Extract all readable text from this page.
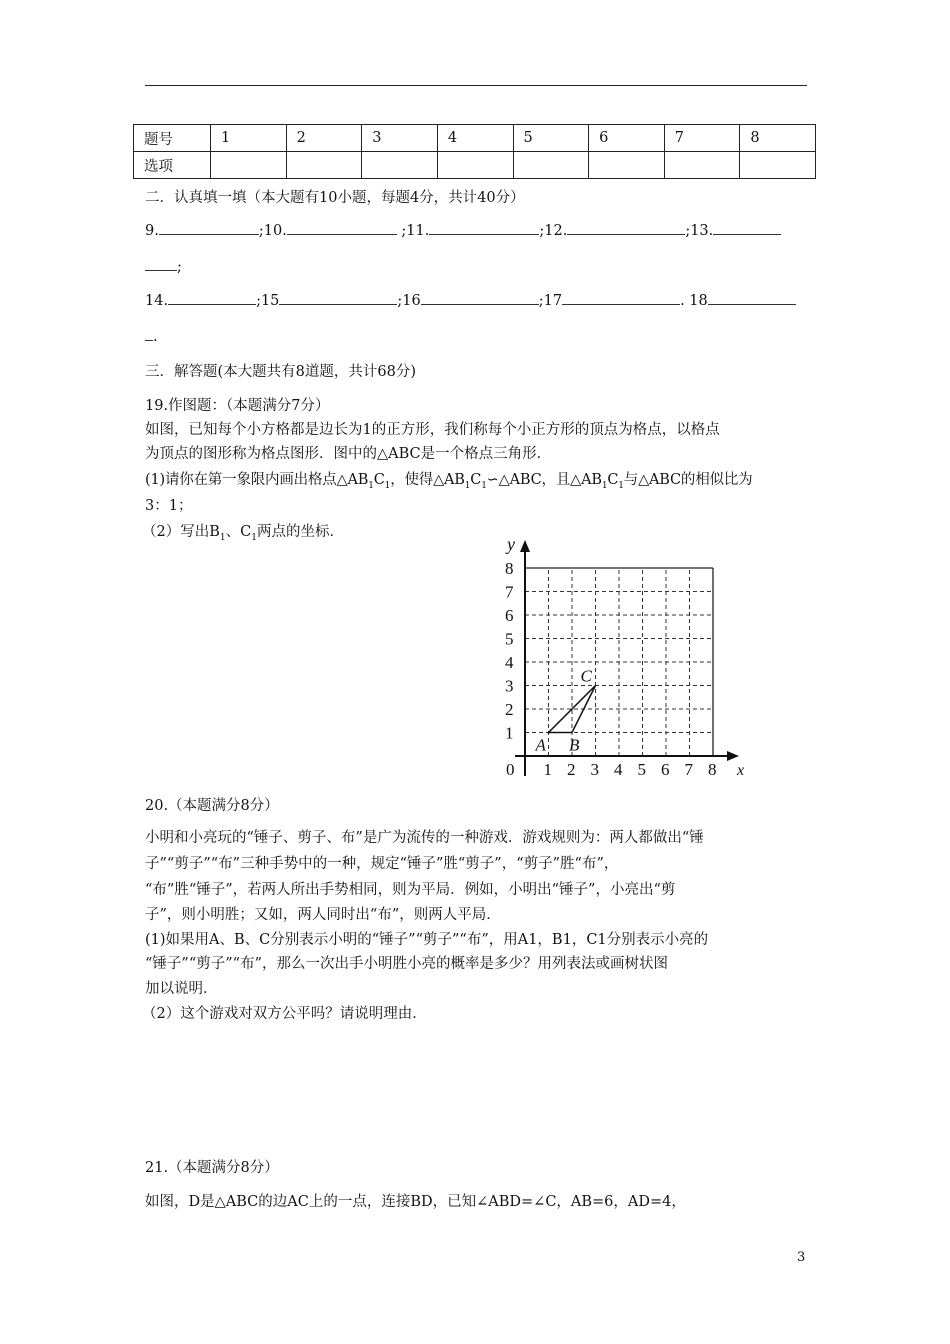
题号	1	2	3	4	5	6	7	8
选项								
二．认真填一填（本大题有10小题，每题4分，共计40分）
9.	;10.	;11.	;12.	;13.
;
14.	;15	;16	;17	. 18
.
三．解答题(本大题共有8道题，共计68分)
19.作图题：（本题满分7分）
如图，已知每个小方格都是边长为1的正方形，我们称每个小正方形的顶点为格点，以格点
为顶点的图形称为格点图形．图中的△ABC是一个格点三角形．
(1)请你在第一象限内画出格点$\triangle AB_1C_1$，使得$\triangle AB_1C_1∽\triangle ABC$，且$\triangle AB_1C_1$与△ABC的相似比为
3：1；
（2）写出$B_1$、$C_1$两点的坐标．
x
y
0 1 2 3 4 5 6 7 8
1
2
3
4
5
6
7
8
A B
C
20.（本题满分8分）
小明和小亮玩的“锤子、剪子、布”是广为流传的一种游戏．游戏规则为：两人都做出“锤
子”“剪子”“布”三种手势中的一种，规定“锤子”胜“剪子”，“剪子”胜“布”，
“布”胜“锤子”，若两人所出手势相同，则为平局．例如，小明出“锤子”，小亮出“剪
子”，则小明胜；又如，两人同时出“布”，则两人平局．
(1)如果用A、B、C分别表示小明的“锤子”“剪子”“布”，用A1，B1，C1分别表示小亮的
“锤子”“剪子”“布”，那么一次出手小明胜小亮的概率是多少？用列表法或画树状图
加以说明．
（2）这个游戏对双方公平吗？请说明理由．
21.（本题满分8分）
如图，D是△ABC的边AC上的一点，连接BD，已知∠ABD=∠C，AB=6，AD=4，
3
